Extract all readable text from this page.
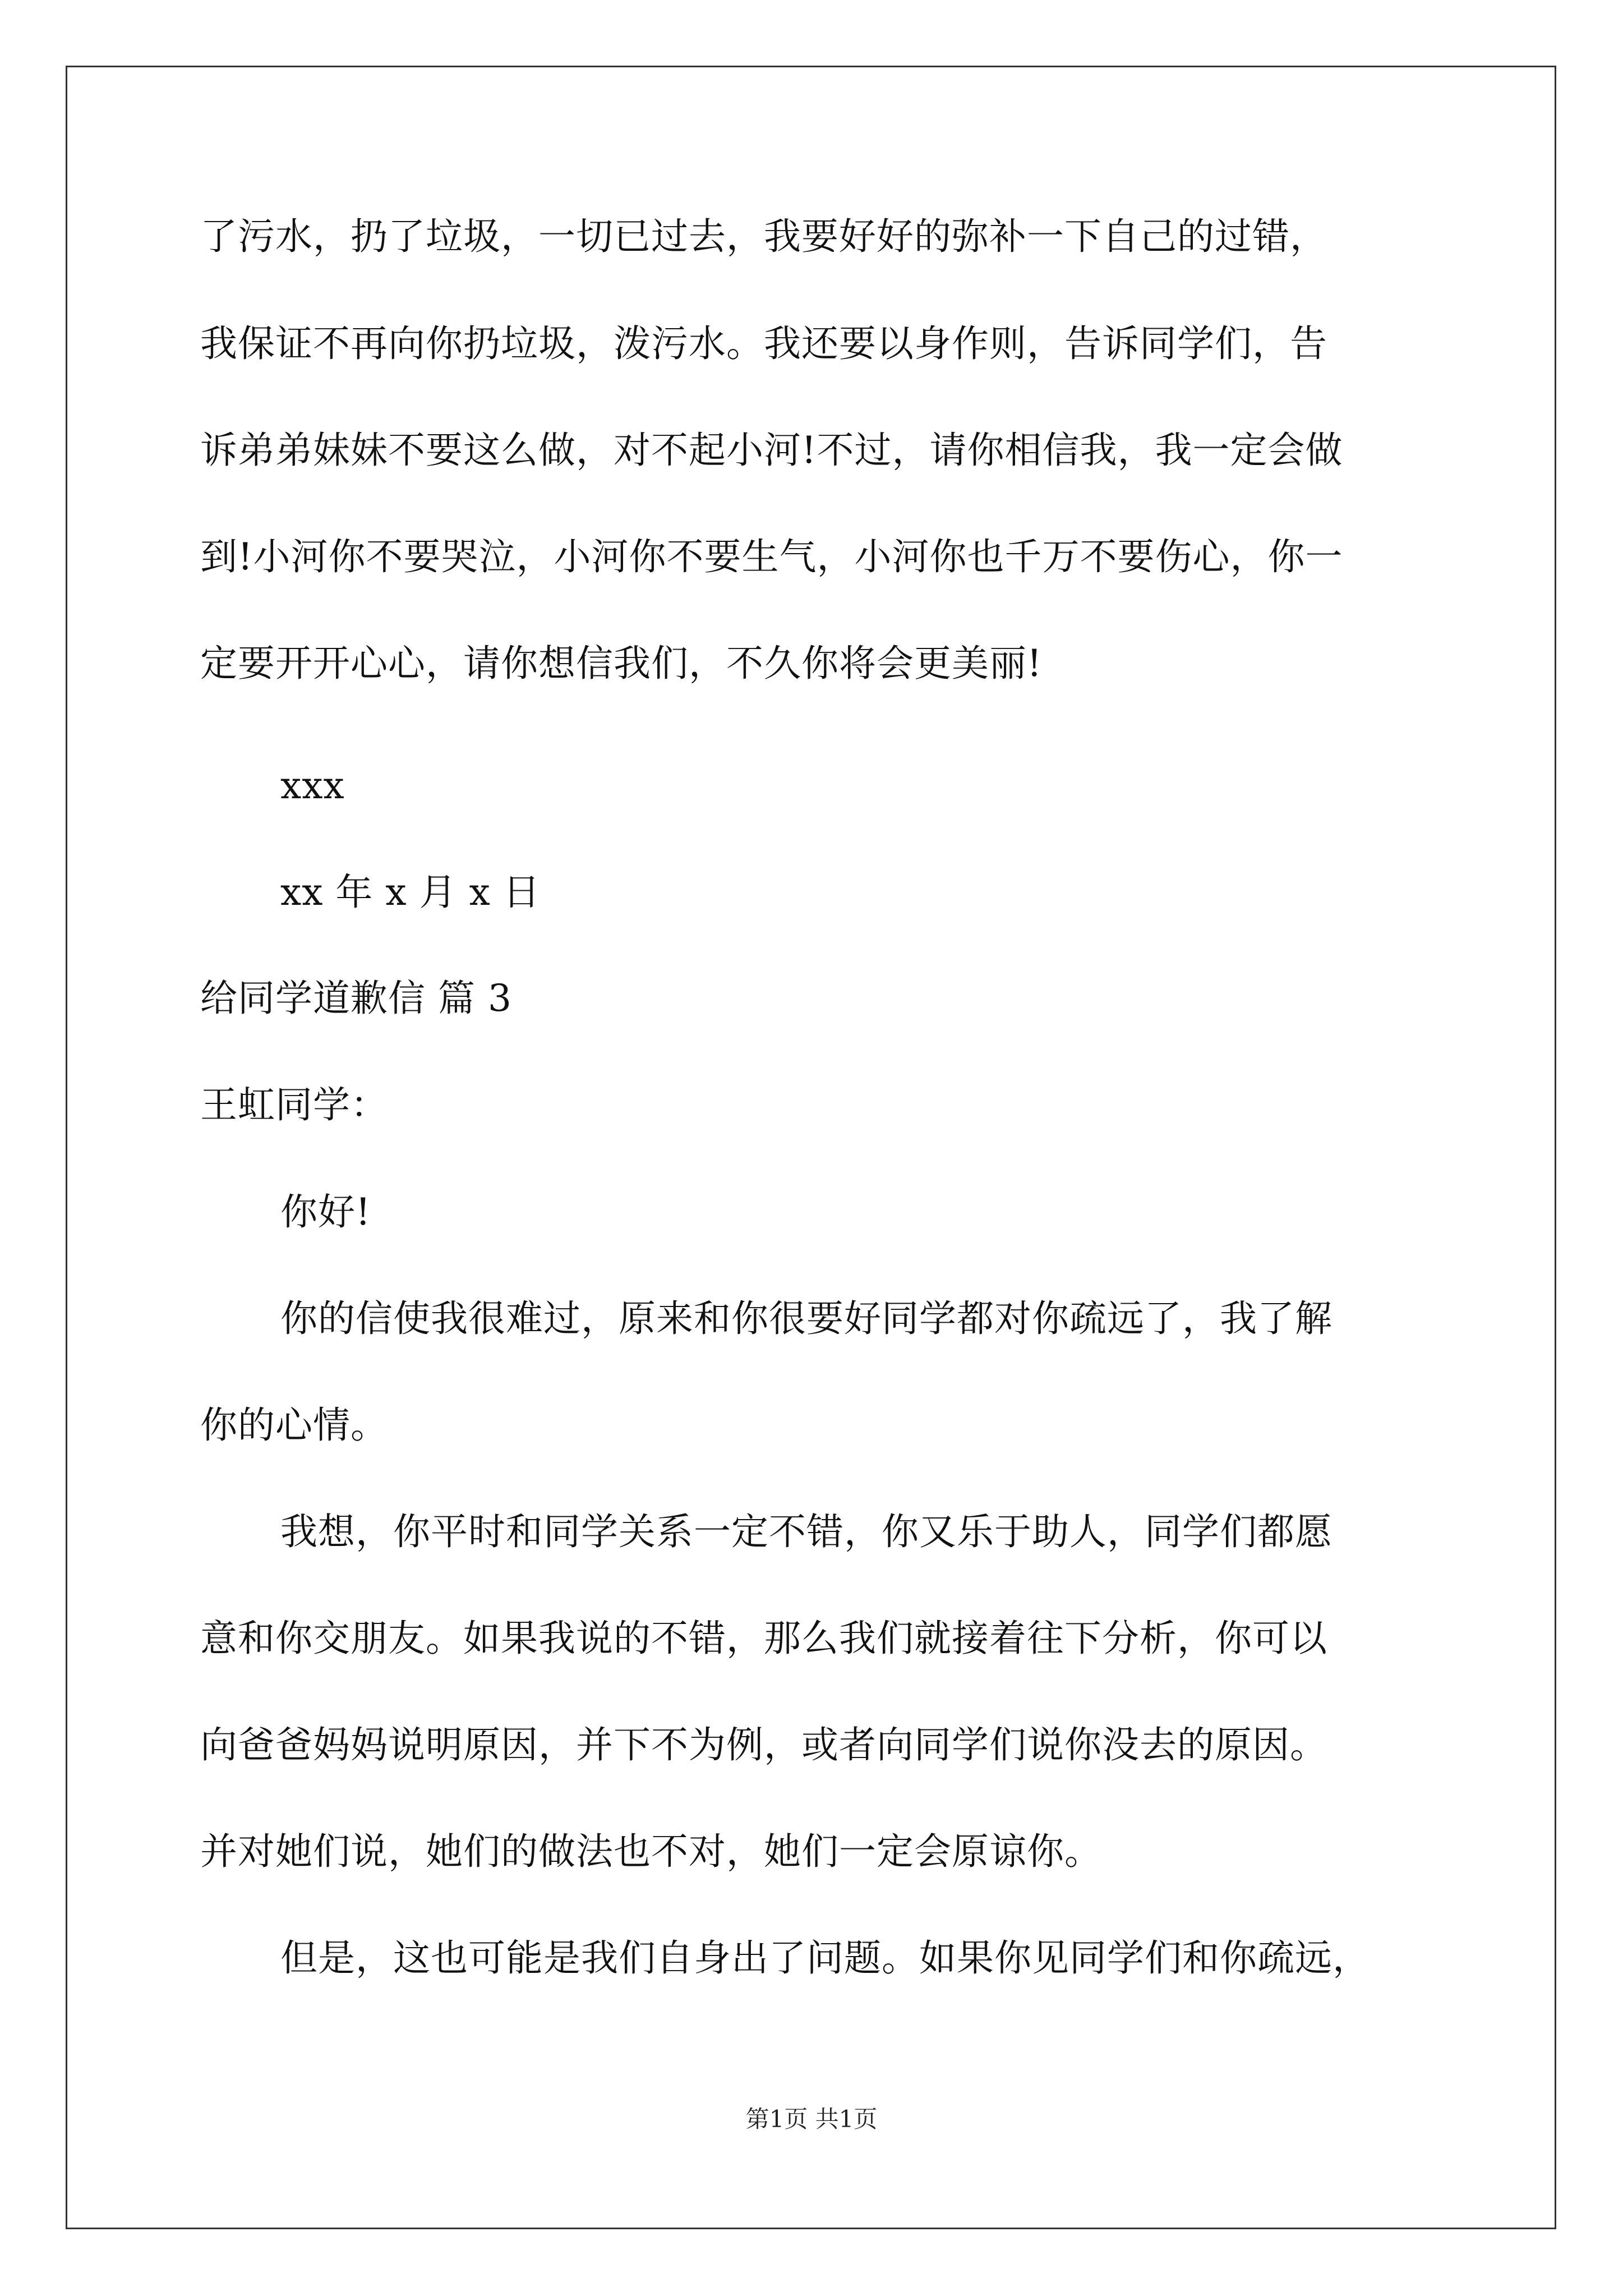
了污水，扔了垃圾，一切已过去，我要好好的弥补一下自己的过错，
我保证不再向你扔垃圾，泼污水。我还要以身作则，告诉同学们，告
诉弟弟妹妹不要这么做，对不起小河!不过，请你相信我，我一定会做
到!小河你不要哭泣，小河你不要生气，小河你也千万不要伤心，你一
定要开开心心，请你想信我们，不久你将会更美丽!
xxx
xx 年 x 月 x 日
给同学道歉信 篇 3
王虹同学：
你好!
你的信使我很难过，原来和你很要好同学都对你疏远了，我了解
你的心情。
我想，你平时和同学关系一定不错，你又乐于助人，同学们都愿
意和你交朋友。如果我说的不错，那么我们就接着往下分析，你可以
向爸爸妈妈说明原因，并下不为例，或者向同学们说你没去的原因。
并对她们说，她们的做法也不对，她们一定会原谅你。
但是，这也可能是我们自身出了问题。如果你见同学们和你疏远，
第1页 共1页
